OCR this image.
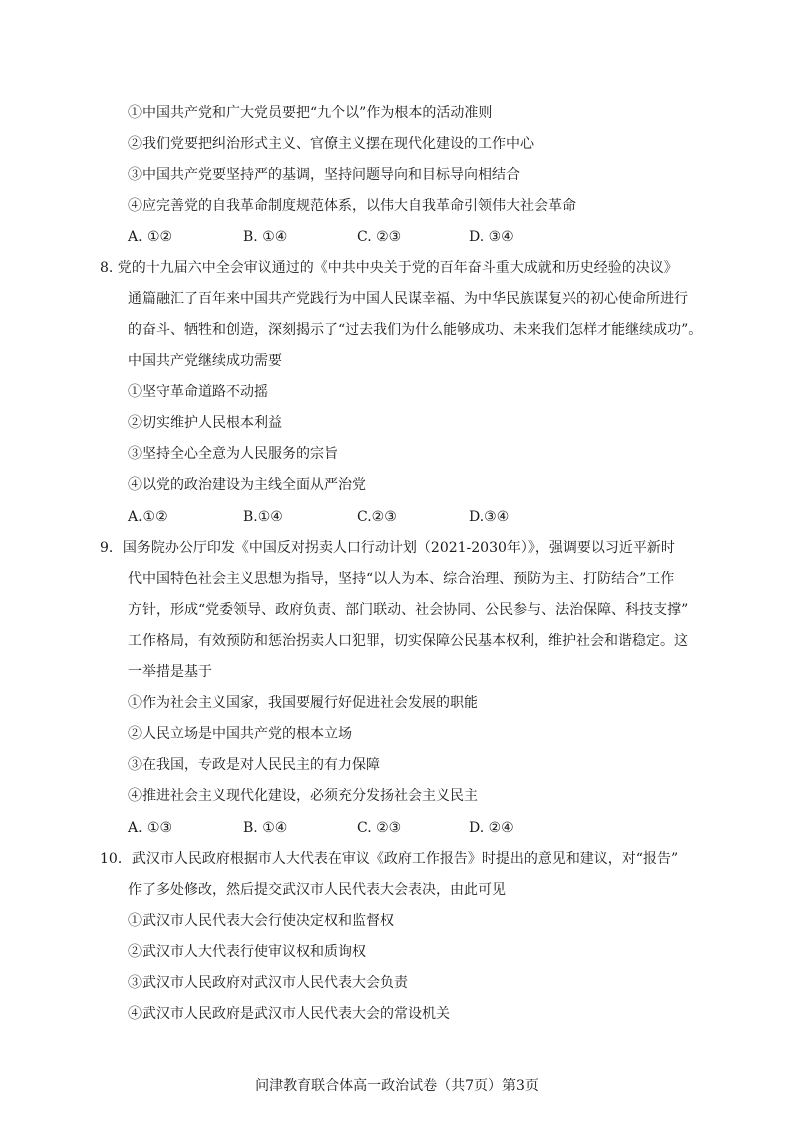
①中国共产党和广大党员要把“九个以”作为根本的活动准则
②我们党要把纠治形式主义、官僚主义摆在现代化建设的工作中心
③中国共产党要坚持严的基调，坚持问题导向和目标导向相结合
④应完善党的自我革命制度规范体系，以伟大自我革命引领伟大社会革命
A. ①②	B. ①④	C. ②③	D. ③④
8. 党的十九届六中全会审议通过的《中共中央关于党的百年奋斗重大成就和历史经验的决议》
通篇融汇了百年来中国共产党践行为中国人民谋幸福、为中华民族谋复兴的初心使命所进行
的奋斗、牺牲和创造，深刻揭示了“过去我们为什么能够成功、未来我们怎样才能继续成功”。
中国共产党继续成功需要
①坚守革命道路不动摇
②切实维护人民根本利益
③坚持全心全意为人民服务的宗旨
④以党的政治建设为主线全面从严治党
A.①②	B.①④	C.②③	D.③④
9．国务院办公厅印发《中国反对拐卖人口行动计划（2021-2030年）》，强调要以习近平新时
代中国特色社会主义思想为指导，坚持“以人为本、综合治理、预防为主、打防结合”工作
方针，形成“党委领导、政府负责、部门联动、社会协同、公民参与、法治保障、科技支撑”
工作格局，有效预防和惩治拐卖人口犯罪，切实保障公民基本权利，维护社会和谐稳定。这
一举措是基于
①作为社会主义国家，我国要履行好促进社会发展的职能
②人民立场是中国共产党的根本立场
③在我国，专政是对人民民主的有力保障
④推进社会主义现代化建设，必须充分发扬社会主义民主
A. ①③	B. ①④	C. ②③	D. ②④
10．武汉市人民政府根据市人大代表在审议《政府工作报告》时提出的意见和建议，对“报告”
作了多处修改，然后提交武汉市人民代表大会表决，由此可见
①武汉市人民代表大会行使决定权和监督权
②武汉市人大代表行使审议权和质询权
③武汉市人民政府对武汉市人民代表大会负责
④武汉市人民政府是武汉市人民代表大会的常设机关
问津教育联合体高一政治试卷（共7页）第3页
